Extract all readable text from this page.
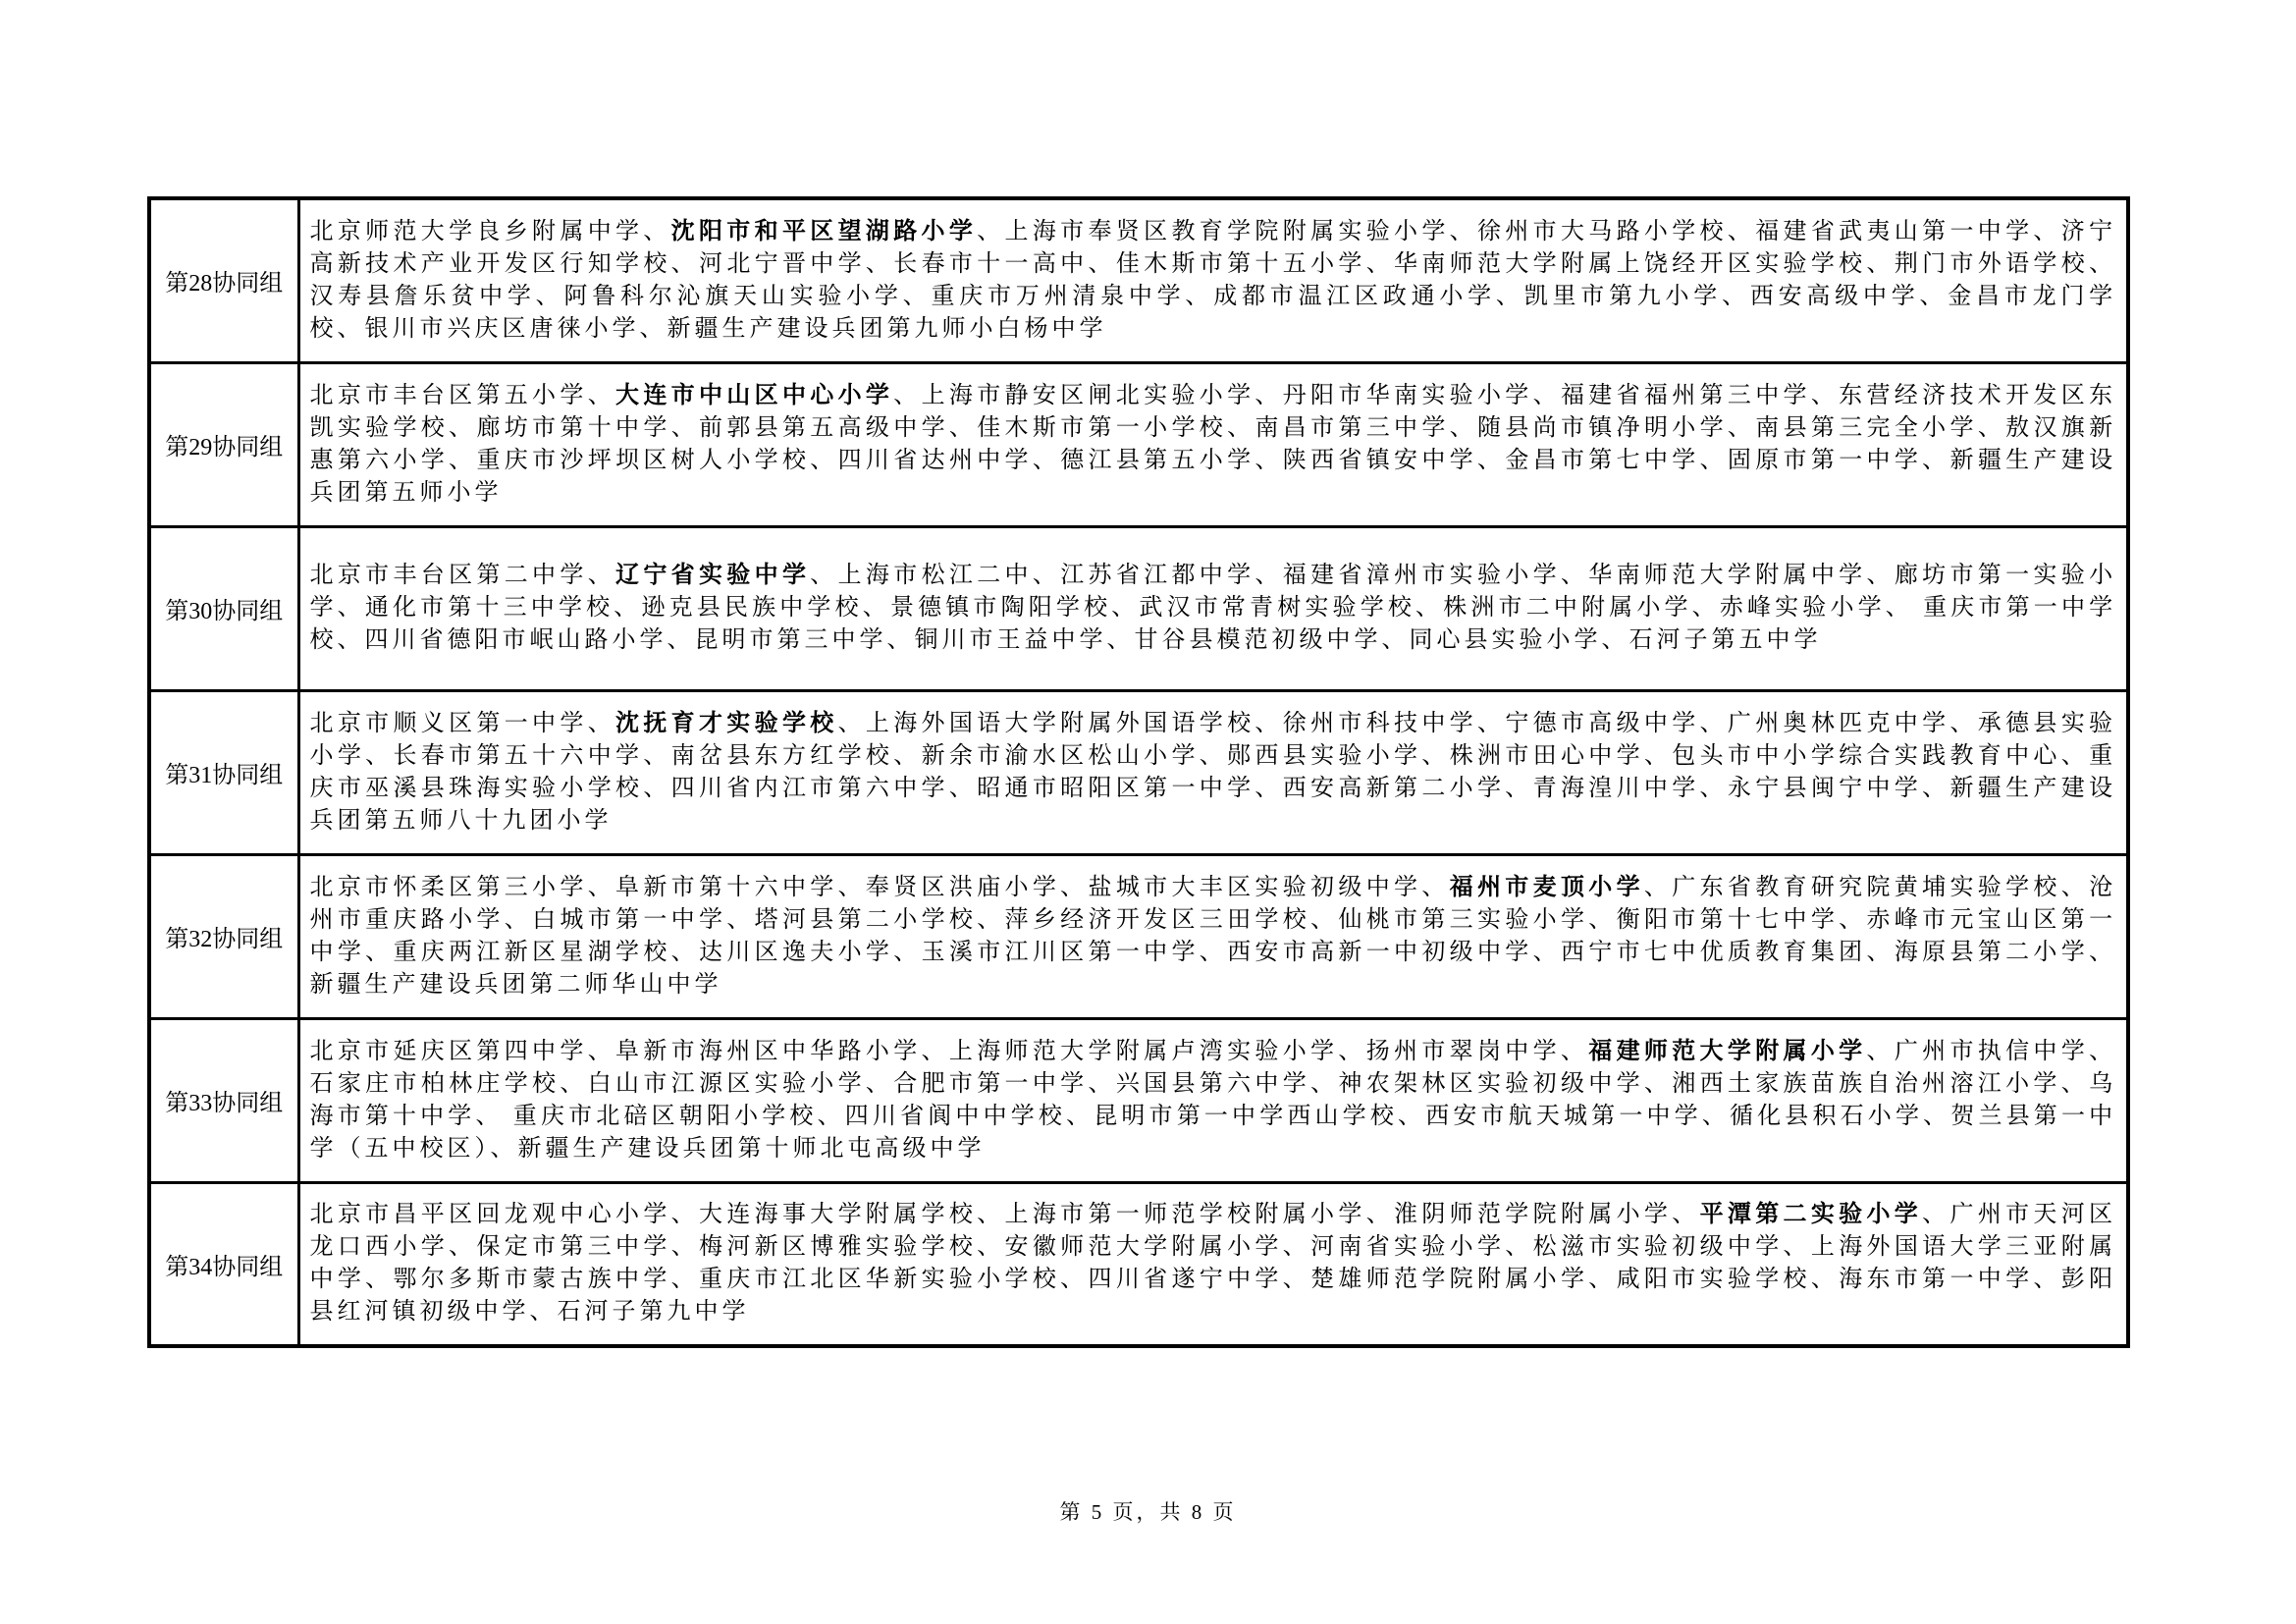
第28协同组	北京师范大学良乡附属中学、沈阳市和平区望湖路小学、上海市奉贤区教育学院附属实验小学、徐州市大马路小学校、福建省武夷山第一中学、济宁高新技术产业开发区行知学校、河北宁晋中学、长春市十一高中、佳木斯市第十五小学、华南师范大学附属上饶经开区实验学校、荆门市外语学校、汉寿县詹乐贫中学、阿鲁科尔沁旗天山实验小学、重庆市万州清泉中学、成都市温江区政通小学、凯里市第九小学、西安高级中学、金昌市龙门学校、银川市兴庆区唐徕小学、新疆生产建设兵团第九师小白杨中学
第29协同组	北京市丰台区第五小学、大连市中山区中心小学、上海市静安区闸北实验小学、丹阳市华南实验小学、福建省福州第三中学、东营经济技术开发区东凯实验学校、廊坊市第十中学、前郭县第五高级中学、佳木斯市第一小学校、南昌市第三中学、随县尚市镇净明小学、南县第三完全小学、敖汉旗新惠第六小学、重庆市沙坪坝区树人小学校、四川省达州中学、德江县第五小学、陕西省镇安中学、金昌市第七中学、固原市第一中学、新疆生产建设兵团第五师小学
第30协同组	北京市丰台区第二中学、辽宁省实验中学、上海市松江二中、江苏省江都中学、福建省漳州市实验小学、华南师范大学附属中学、廊坊市第一实验小学、通化市第十三中学校、逊克县民族中学校、景德镇市陶阳学校、武汉市常青树实验学校、株洲市二中附属小学、赤峰实验小学、 重庆市第一中学校、四川省德阳市岷山路小学、昆明市第三中学、铜川市王益中学、甘谷县模范初级中学、同心县实验小学、石河子第五中学
第31协同组	北京市顺义区第一中学、沈抚育才实验学校、上海外国语大学附属外国语学校、徐州市科技中学、宁德市高级中学、广州奥林匹克中学、承德县实验小学、长春市第五十六中学、南岔县东方红学校、新余市渝水区松山小学、郧西县实验小学、株洲市田心中学、包头市中小学综合实践教育中心、重庆市巫溪县珠海实验小学校、四川省内江市第六中学、昭通市昭阳区第一中学、西安高新第二小学、青海湟川中学、永宁县闽宁中学、新疆生产建设兵团第五师八十九团小学
第32协同组	北京市怀柔区第三小学、阜新市第十六中学、奉贤区洪庙小学、盐城市大丰区实验初级中学、福州市麦顶小学、广东省教育研究院黄埔实验学校、沧州市重庆路小学、白城市第一中学、塔河县第二小学校、萍乡经济开发区三田学校、仙桃市第三实验小学、衡阳市第十七中学、赤峰市元宝山区第一中学、重庆两江新区星湖学校、达川区逸夫小学、玉溪市江川区第一中学、西安市高新一中初级中学、西宁市七中优质教育集团、海原县第二小学、新疆生产建设兵团第二师华山中学
第33协同组	北京市延庆区第四中学、阜新市海州区中华路小学、上海师范大学附属卢湾实验小学、扬州市翠岗中学、福建师范大学附属小学、广州市执信中学、石家庄市柏林庄学校、白山市江源区实验小学、合肥市第一中学、兴国县第六中学、神农架林区实验初级中学、湘西土家族苗族自治州溶江小学、乌海市第十中学、 重庆市北碚区朝阳小学校、四川省阆中中学校、昆明市第一中学西山学校、西安市航天城第一中学、循化县积石小学、贺兰县第一中学（五中校区）、新疆生产建设兵团第十师北屯高级中学
第34协同组	北京市昌平区回龙观中心小学、大连海事大学附属学校、上海市第一师范学校附属小学、淮阴师范学院附属小学、平潭第二实验小学、广州市天河区龙口西小学、保定市第三中学、梅河新区博雅实验学校、安徽师范大学附属小学、河南省实验小学、松滋市实验初级中学、上海外国语大学三亚附属中学、鄂尔多斯市蒙古族中学、重庆市江北区华新实验小学校、四川省遂宁中学、楚雄师范学院附属小学、咸阳市实验学校、海东市第一中学、彭阳县红河镇初级中学、石河子第九中学
第 5 页，共 8 页
